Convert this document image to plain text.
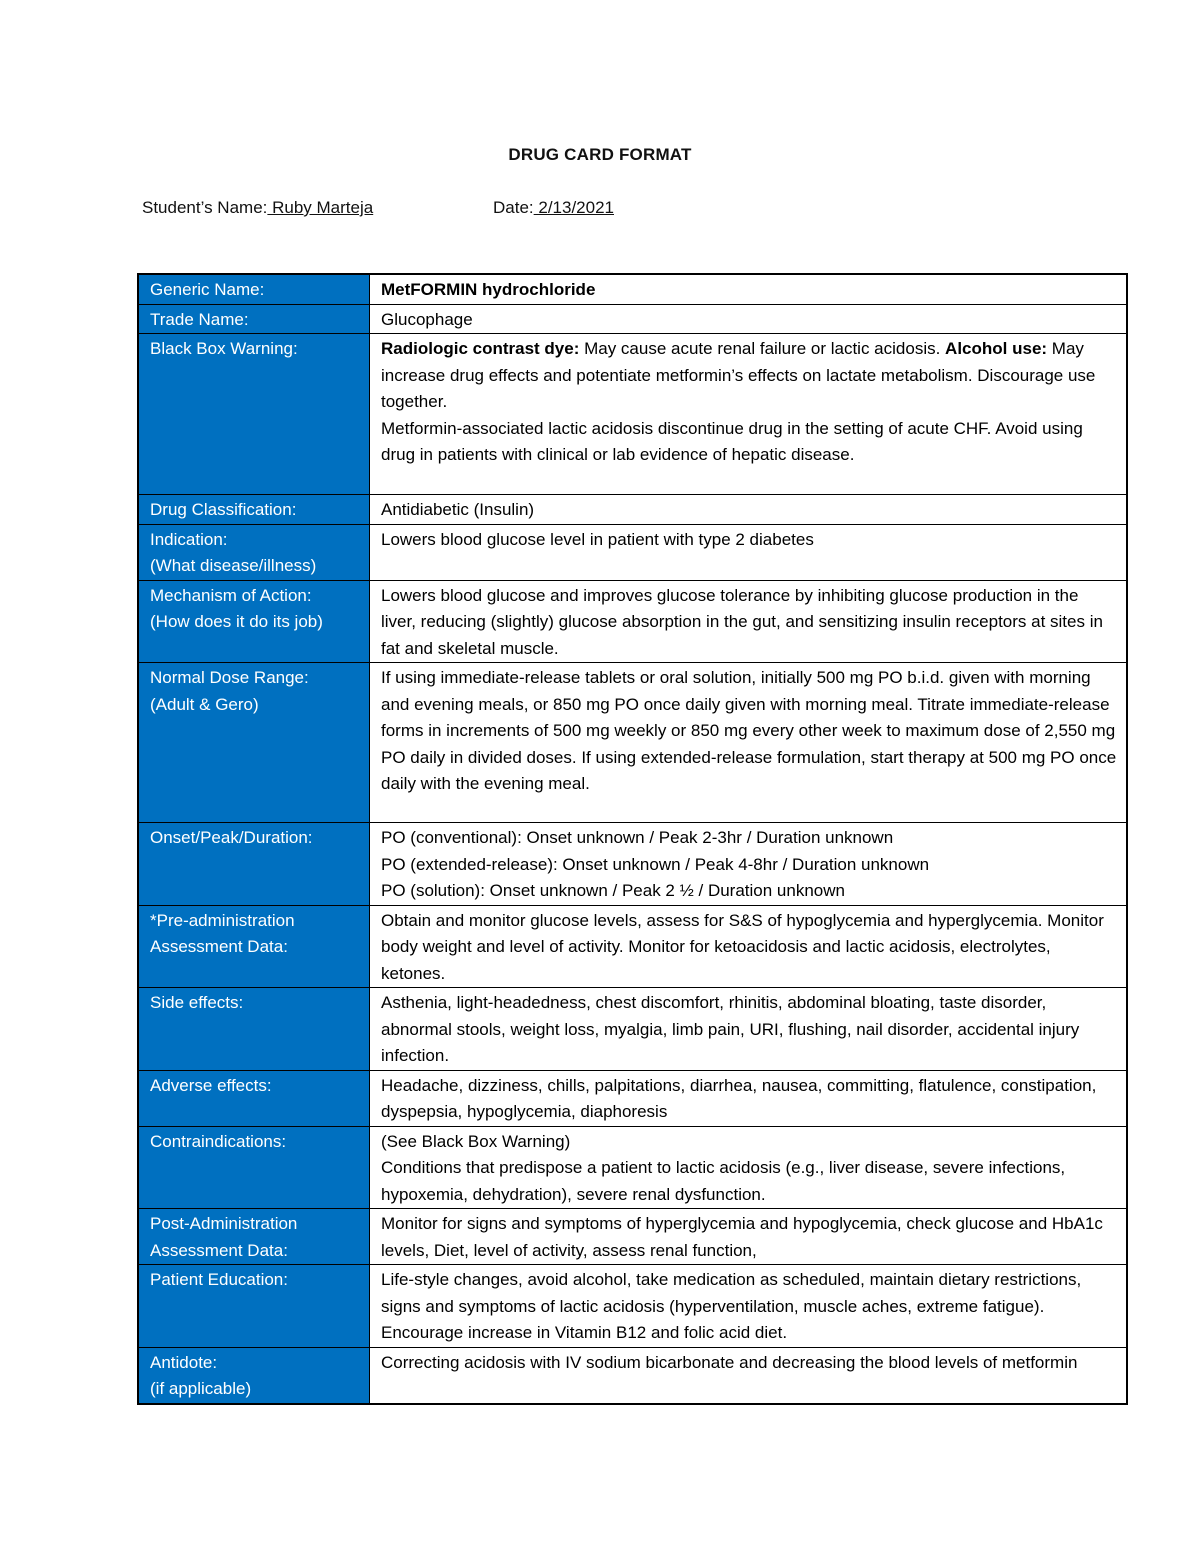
DRUG CARD FORMAT
Student’s Name: Ruby Marteja	Date: 2/13/2021
Generic Name:	MetFORMIN hydrochloride
Trade Name:	Glucophage
Black Box Warning:	Radiologic contrast dye: May cause acute renal failure or lactic acidosis. Alcohol use: May increase drug effects and potentiate metformin’s effects on lactate metabolism. Discourage use together.
Metformin-associated lactic acidosis discontinue drug in the setting of acute CHF. Avoid using drug in patients with clinical or lab evidence of hepatic disease.

Drug Classification:	Antidiabetic (Insulin)

Indication:
(What disease/illness)	Lowers blood glucose level in patient with type 2 diabetes

Mechanism of Action:
(How does it do its job)	Lowers blood glucose and improves glucose tolerance by inhibiting glucose production in the liver, reducing (slightly) glucose absorption in the gut, and sensitizing insulin receptors at sites in fat and skeletal muscle.

Normal Dose Range:
(Adult & Gero)	If using immediate-release tablets or oral solution, initially 500 mg PO b.i.d. given with morning and evening meals, or 850 mg PO once daily given with morning meal. Titrate immediate-release forms in increments of 500 mg weekly or 850 mg every other week to maximum dose of 2,550 mg PO daily in divided doses. If using extended-release formulation, start therapy at 500 mg PO once daily with the evening meal.
Onset/Peak/Duration:	PO (conventional): Onset unknown / Peak 2-3hr / Duration unknown
PO (extended-release): Onset unknown / Peak 4-8hr / Duration unknown
PO (solution): Onset unknown / Peak 2 ½ / Duration unknown

*Pre-administration
Assessment Data:	Obtain and monitor glucose levels, assess for S&S of hypoglycemia and hyperglycemia. Monitor body weight and level of activity. Monitor for ketoacidosis and lactic acidosis, electrolytes, ketones.
Side effects:	Asthenia, light-headedness, chest discomfort, rhinitis, abdominal bloating, taste disorder, abnormal stools, weight loss, myalgia, limb pain, URI, flushing, nail disorder, accidental injury infection.
Adverse effects:	Headache, dizziness, chills, palpitations, diarrhea, nausea, committing, flatulence, constipation, dyspepsia, hypoglycemia, diaphoresis
Contraindications:	(See Black Box Warning)
Conditions that predispose a patient to lactic acidosis (e.g., liver disease, severe infections, hypoxemia, dehydration), severe renal dysfunction.

Post-Administration
Assessment Data:	Monitor for signs and symptoms of hyperglycemia and hypoglycemia, check glucose and HbA1c levels, Diet, level of activity, assess renal function,
Patient Education:	Life-style changes, avoid alcohol, take medication as scheduled, maintain dietary restrictions, signs and symptoms of lactic acidosis (hyperventilation, muscle aches, extreme fatigue). Encourage increase in Vitamin B12 and folic acid diet.

Antidote:
(if applicable)	Correcting acidosis with IV sodium bicarbonate and decreasing the blood levels of metformin
